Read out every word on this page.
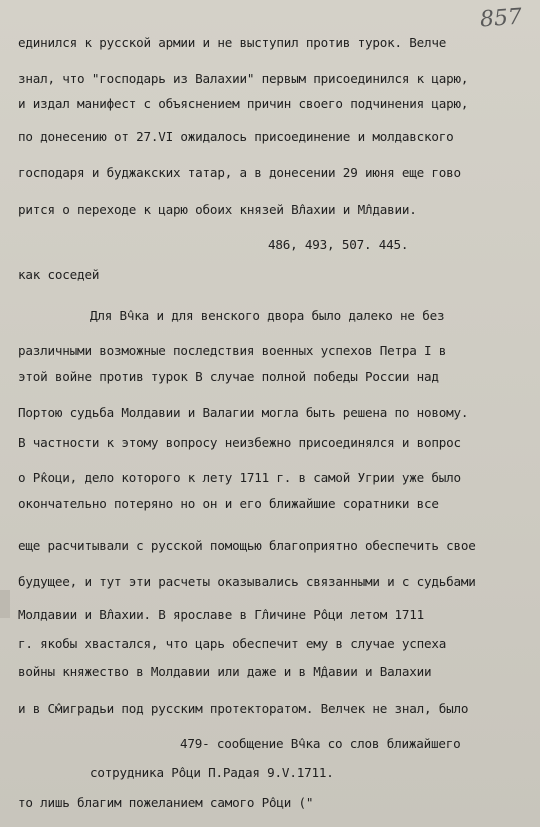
857
единился к русской армии и не выступил против турок. Велче
знал, что "господарь из Валахии" первым присоединился к царю,
и издал манифест с объяснением причин своего подчинения царю,
по донесению от 27.VI ожидалось присоединение и молдавского
господаря и буджакских татар, а в донесении 29 июня еще гово
рится о переходе к царю обоих князей В̂лахии и М̂лдавии.
486, 493, 507. 445.
как соседей
Для В̂чка и для венского двора было далеко не без
различными возможные последствия военных успехов Петра I в
этой войне против турок В случае полной победы России над
Портою судьба Молдавии и Валагии могла быть решена по новому.
В частности к этому вопросу неизбежно присоединялся и вопрос
о Р̂коци, дело которого к лету 1711 г. в самой Угрии уже было
окончательно потеряно но он и его ближайшие соратники все
еще расчитывали с русской помощью благоприятно обеспечить свое
будущее, и тут эти расчеты оказывались связанными и с судьбами
Молдавии и В̂лахии. В ярославе в Г̂личине Р̂оци летом 1711
г. якобы хвастался, что царь обеспечит ему в случае успеха
войны княжество в Молдавии или даже и в М̂давии и Валахии
и в С̂миградьи под русским протекторатом. Велчек не знал, было
479- сообщение В̂чка со слов ближайшего
сотрудника Р̂оци П.Радая 9.V.1711.
то лишь благим пожеланием самого Р̂оци ("
